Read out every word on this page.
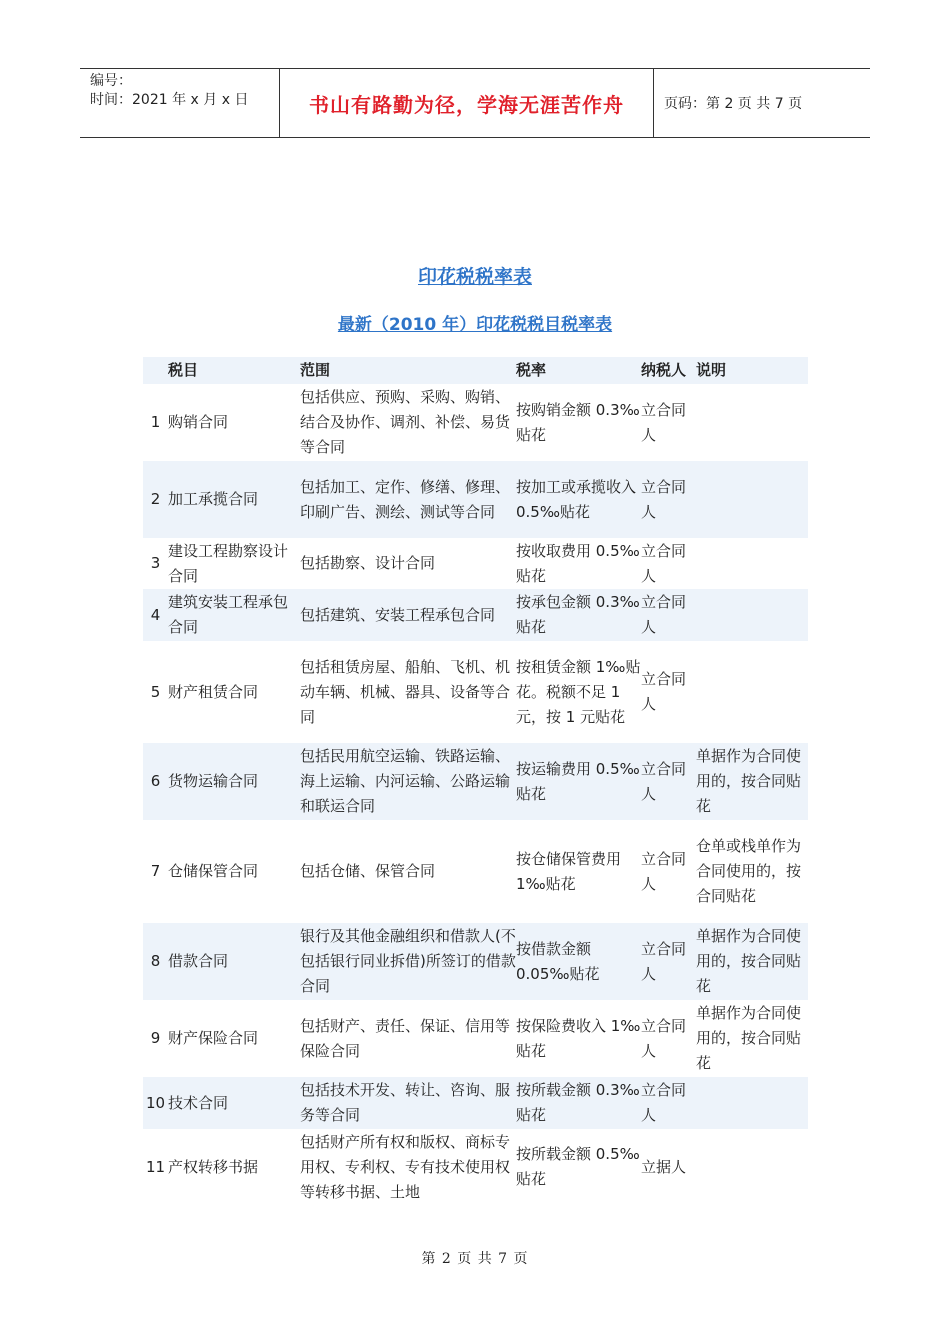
编号：
时间：2021 年 x 月 x 日	书山有路勤为径，学海无涯苦作舟	页码：第 2 页 共 7 页
印花税税率表
最新（2010 年）印花税税目税率表
	税目	范围	税率	纳税人	说明
1	购销合同	包括供应、预购、采购、购销、结合及协作、调剂、补偿、易货等合同	按购销金额 0.3‰贴花	立合同人	
2	加工承揽合同	包括加工、定作、修缮、修理、印刷广告、测绘、测试等合同	按加工或承揽收入 0.5‰贴花	立合同人	
3	建设工程勘察设计合同	包括勘察、设计合同	按收取费用 0.5‰贴花	立合同人	
4	建筑安装工程承包合同	包括建筑、安装工程承包合同	按承包金额 0.3‰贴花	立合同人	
5	财产租赁合同	包括租赁房屋、船舶、飞机、机动车辆、机械、器具、设备等合同	按租赁金额 1‰贴花。税额不足 1 元，按 1 元贴花	立合同人	
6	货物运输合同	包括民用航空运输、铁路运输、海上运输、内河运输、公路运输和联运合同	按运输费用 0.5‰贴花	立合同人	单据作为合同使用的，按合同贴花
7	仓储保管合同	包括仓储、保管合同	按仓储保管费用 1‰贴花	立合同人	仓单或栈单作为合同使用的，按合同贴花
8	借款合同	银行及其他金融组织和借款人(不包括银行同业拆借)所签订的借款合同	按借款金额 0.05‰贴花	立合同人	单据作为合同使用的，按合同贴花
9	财产保险合同	包括财产、责任、保证、信用等保险合同	按保险费收入 1‰贴花	立合同人	单据作为合同使用的，按合同贴花
10	技术合同	包括技术开发、转让、咨询、服务等合同	按所载金额 0.3‰贴花	立合同人	
11	产权转移书据	包括财产所有权和版权、商标专用权、专利权、专有技术使用权等转移书据、土地	按所载金额 0.5‰贴花	立据人	
第 2 页 共 7 页
